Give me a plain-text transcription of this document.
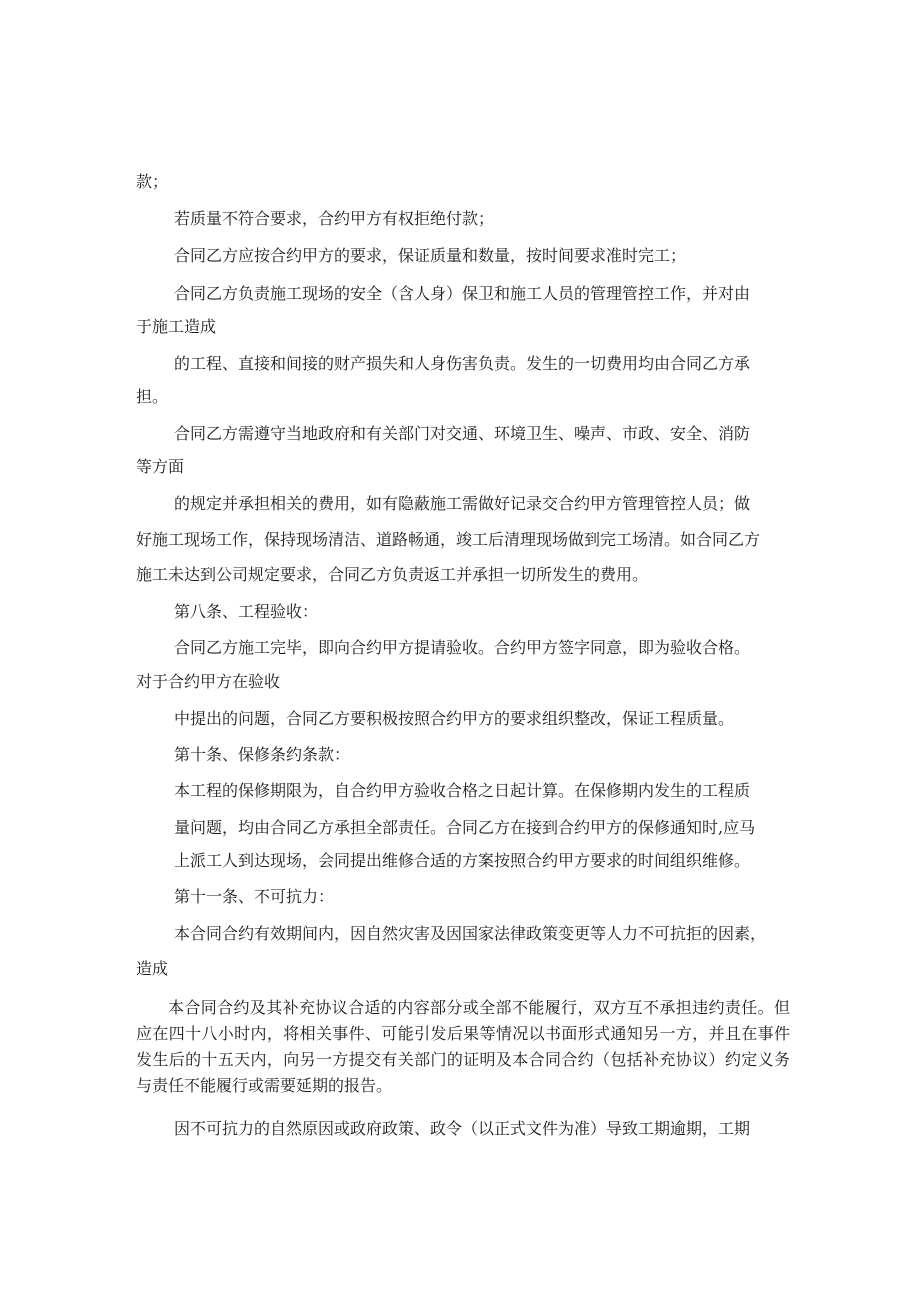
款；

若质量不符合要求，合约甲方有权拒绝付款；

合同乙方应按合约甲方的要求，保证质量和数量，按时间要求准时完工；

合同乙方负责施工现场的安全（含人身）保卫和施工人员的管理管控工作，并对由

于施工造成

的工程、直接和间接的财产损失和人身伤害负责。发生的一切费用均由合同乙方承

担。

合同乙方需遵守当地政府和有关部门对交通、环境卫生、噪声、市政、安全、消防

等方面

的规定并承担相关的费用，如有隐蔽施工需做好记录交合约甲方管理管控人员；做

好施工现场工作，保持现场清洁、道路畅通，竣工后清理现场做到完工场清。如合同乙方

施工未达到公司规定要求，合同乙方负责返工并承担一切所发生的费用。

第八条、工程验收：

合同乙方施工完毕，即向合约甲方提请验收。合约甲方签字同意，即为验收合格。

对于合约甲方在验收

中提出的问题，合同乙方要积极按照合约甲方的要求组织整改，保证工程质量。

第十条、保修条约条款：

本工程的保修期限为，自合约甲方验收合格之日起计算。在保修期内发生的工程质

量问题，均由合同乙方承担全部责任。合同乙方在接到合约甲方的保修通知时,应马

上派工人到达现场，会同提出维修合适的方案按照合约甲方要求的时间组织维修。

第十一条、不可抗力：

本合同合约有效期间内，因自然灾害及因国家法律政策变更等人力不可抗拒的因素，

造成

本合同合约及其补充协议合适的内容部分或全部不能履行，双方互不承担违约责任。但应在四十八小时内，将相关事件、可能引发后果等情况以书面形式通知另一方，并且在事件发生后的十五天内，向另一方提交有关部门的证明及本合同合约（包括补充协议）约定义务与责任不能履行或需要延期的报告。

因不可抗力的自然原因或政府政策、政令（以正式文件为准）导致工期逾期，工期
